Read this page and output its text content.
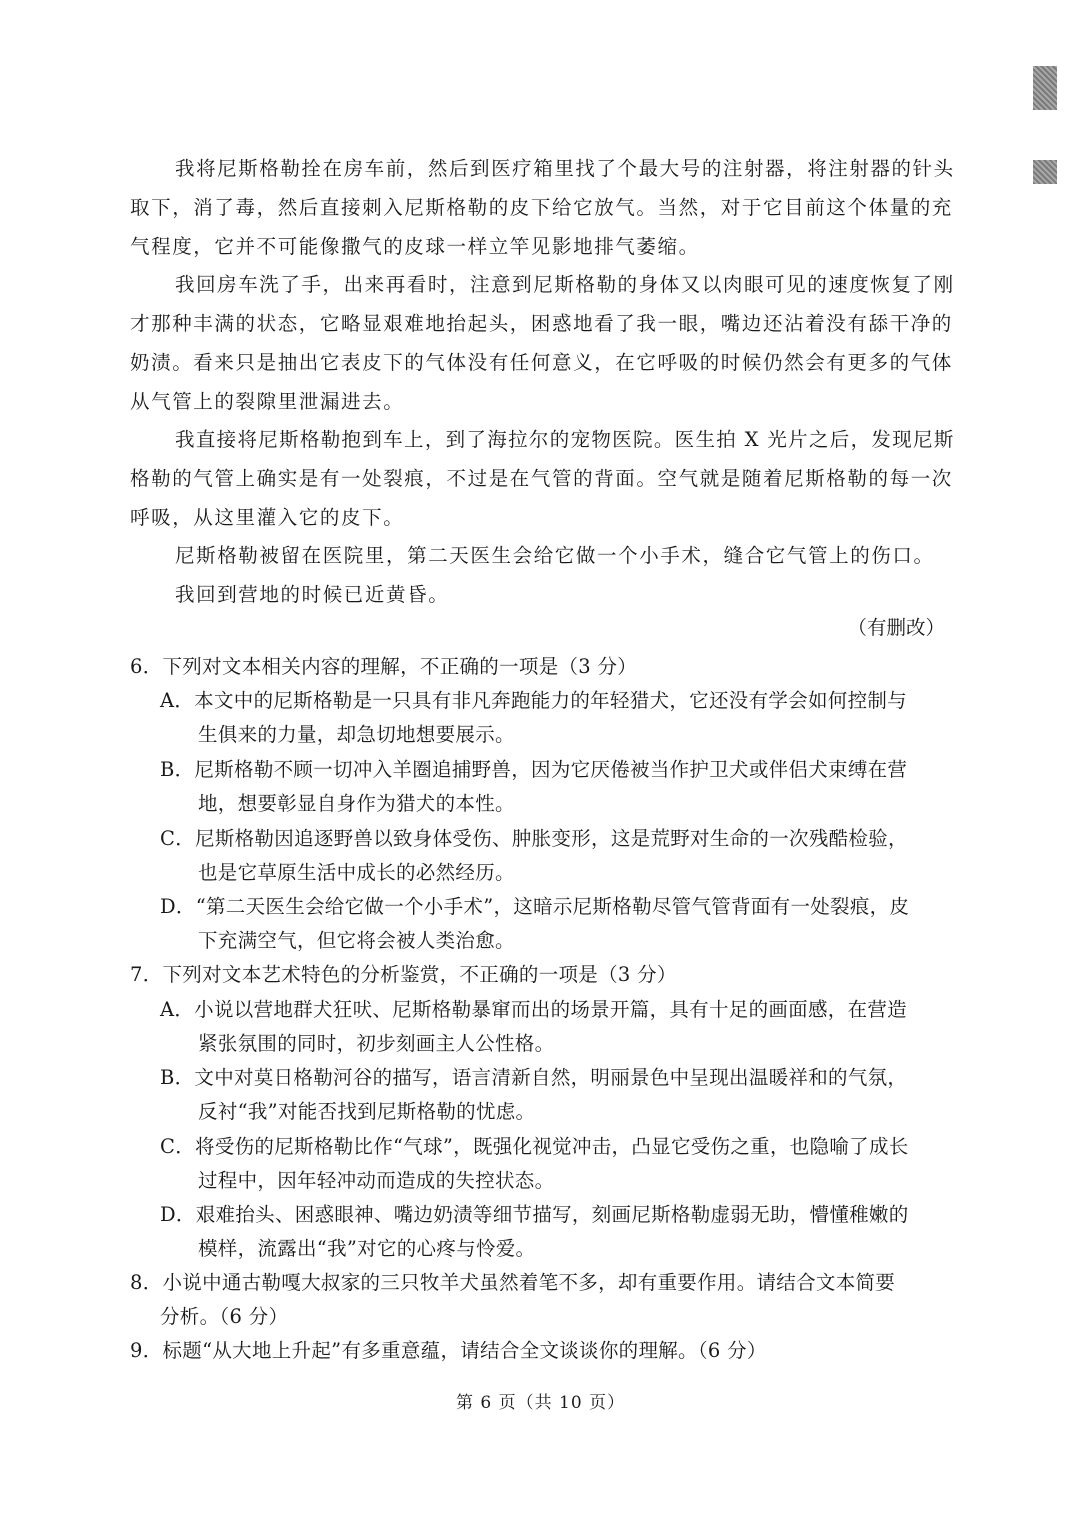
我将尼斯格勒拴在房车前，然后到医疗箱里找了个最大号的注射器，将注射器的针头
取下，消了毒，然后直接刺入尼斯格勒的皮下给它放气。当然，对于它目前这个体量的充
气程度，它并不可能像撒气的皮球一样立竿见影地排气萎缩。
我回房车洗了手，出来再看时，注意到尼斯格勒的身体又以肉眼可见的速度恢复了刚
才那种丰满的状态，它略显艰难地抬起头，困惑地看了我一眼，嘴边还沾着没有舔干净的
奶渍。看来只是抽出它表皮下的气体没有任何意义，在它呼吸的时候仍然会有更多的气体
从气管上的裂隙里泄漏进去。
我直接将尼斯格勒抱到车上，到了海拉尔的宠物医院。医生拍 X 光片之后，发现尼斯
格勒的气管上确实是有一处裂痕，不过是在气管的背面。空气就是随着尼斯格勒的每一次
呼吸，从这里灌入它的皮下。
尼斯格勒被留在医院里，第二天医生会给它做一个小手术，缝合它气管上的伤口。
我回到营地的时候已近黄昏。
（有删改）
6．下列对文本相关内容的理解，不正确的一项是（3 分）
A．本文中的尼斯格勒是一只具有非凡奔跑能力的年轻猎犬，它还没有学会如何控制与
生俱来的力量，却急切地想要展示。
B．尼斯格勒不顾一切冲入羊圈追捕野兽，因为它厌倦被当作护卫犬或伴侣犬束缚在营
地，想要彰显自身作为猎犬的本性。
C．尼斯格勒因追逐野兽以致身体受伤、肿胀变形，这是荒野对生命的一次残酷检验，
也是它草原生活中成长的必然经历。
D．“第二天医生会给它做一个小手术”，这暗示尼斯格勒尽管气管背面有一处裂痕，皮
下充满空气，但它将会被人类治愈。
7．下列对文本艺术特色的分析鉴赏，不正确的一项是（3 分）
A．小说以营地群犬狂吠、尼斯格勒暴窜而出的场景开篇，具有十足的画面感，在营造
紧张氛围的同时，初步刻画主人公性格。
B．文中对莫日格勒河谷的描写，语言清新自然，明丽景色中呈现出温暖祥和的气氛，
反衬“我”对能否找到尼斯格勒的忧虑。
C．将受伤的尼斯格勒比作“气球”，既强化视觉冲击，凸显它受伤之重，也隐喻了成长
过程中，因年轻冲动而造成的失控状态。
D．艰难抬头、困惑眼神、嘴边奶渍等细节描写，刻画尼斯格勒虚弱无助，懵懂稚嫩的
模样，流露出“我”对它的心疼与怜爱。
8．小说中通古勒嘎大叔家的三只牧羊犬虽然着笔不多，却有重要作用。请结合文本简要
分析。（6 分）
9．标题“从大地上升起”有多重意蕴，请结合全文谈谈你的理解。（6 分）
第 6 页（共 10 页）
